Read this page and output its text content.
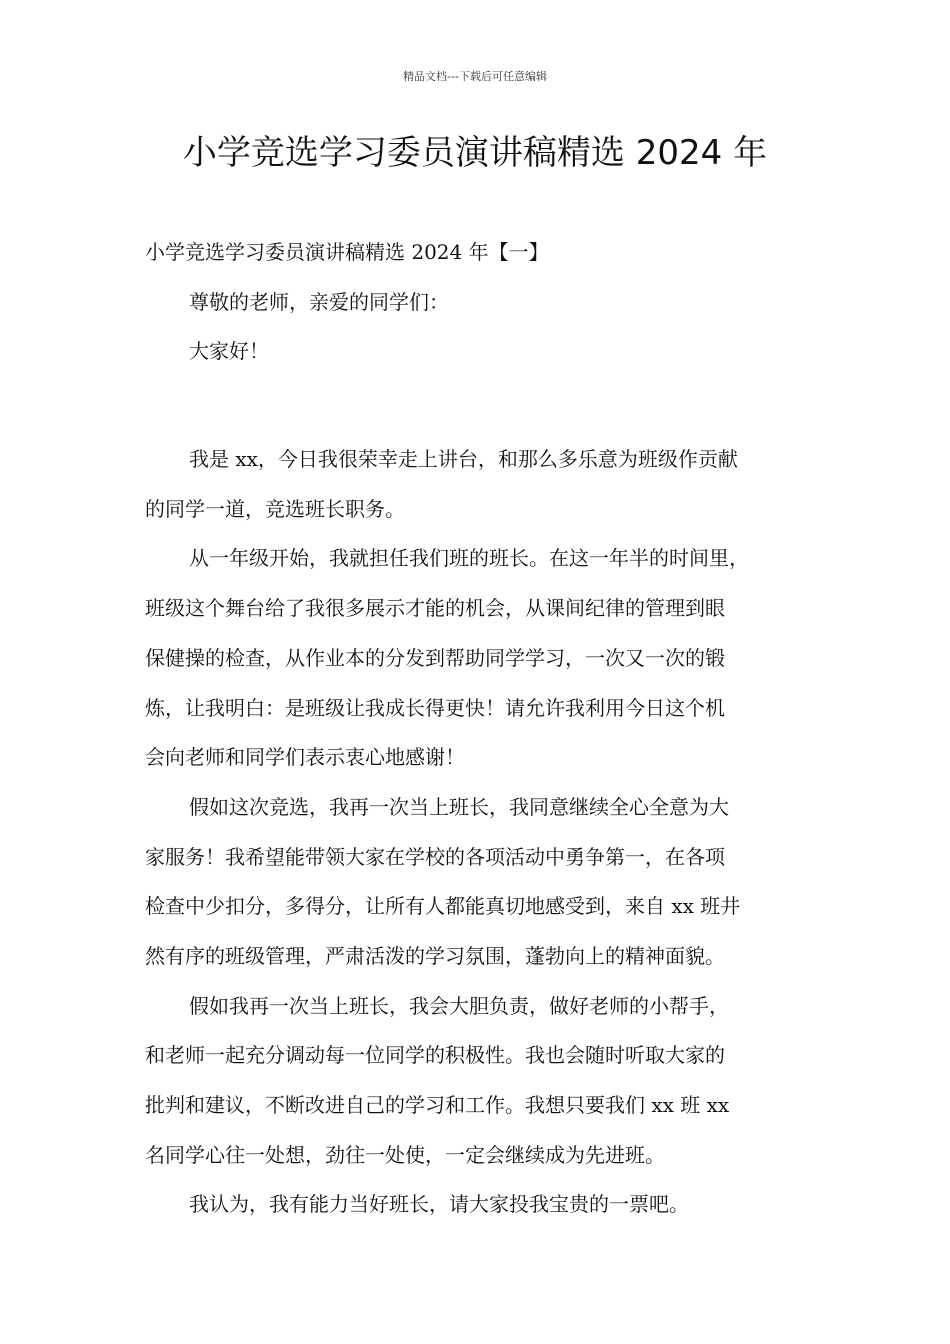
精品文档---下载后可任意编辑
小学竞选学习委员演讲稿精选 2024 年
小学竞选学习委员演讲稿精选 2024 年【一】
尊敬的老师，亲爱的同学们：
大家好！
我是 xx，今日我很荣幸走上讲台，和那么多乐意为班级作贡献
的同学一道，竞选班长职务。
从一年级开始，我就担任我们班的班长。在这一年半的时间里，
班级这个舞台给了我很多展示才能的机会，从课间纪律的管理到眼
保健操的检查，从作业本的分发到帮助同学学习，一次又一次的锻
炼，让我明白：是班级让我成长得更快！请允许我利用今日这个机
会向老师和同学们表示衷心地感谢！
假如这次竞选，我再一次当上班长，我同意继续全心全意为大
家服务！我希望能带领大家在学校的各项活动中勇争第一，在各项
检查中少扣分，多得分，让所有人都能真切地感受到，来自 xx 班井
然有序的班级管理，严肃活泼的学习氛围，蓬勃向上的精神面貌。
假如我再一次当上班长，我会大胆负责，做好老师的小帮手，
和老师一起充分调动每一位同学的积极性。我也会随时听取大家的
批判和建议，不断改进自己的学习和工作。我想只要我们 xx 班 xx
名同学心往一处想，劲往一处使，一定会继续成为先进班。
我认为，我有能力当好班长，请大家投我宝贵的一票吧。
